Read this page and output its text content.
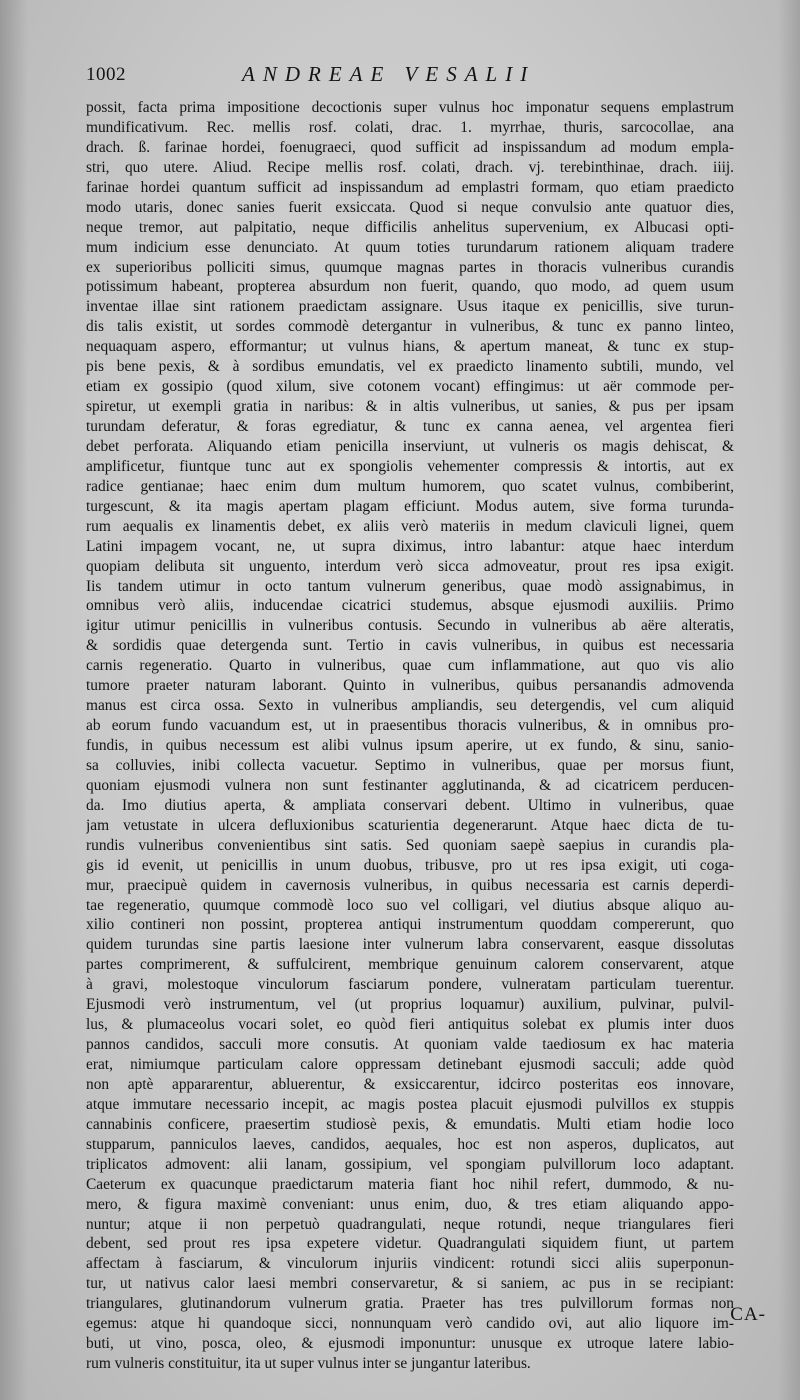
1002	ANDREAE VESALII
possit, facta prima impositione decoctionis super vulnus hoc imponatur sequens emplastrum
mundificativum. Rec. mellis rosf. colati, drac. 1. myrrhae, thuris, sarcocollae, ana
drach. ß. farinae hordei, foenugraeci, quod sufficit ad inspissandum ad modum empla-
stri, quo utere. Aliud. Recipe mellis rosf. colati, drach. vj. terebinthinae, drach. iiij.
farinae hordei quantum sufficit ad inspissandum ad emplastri formam, quo etiam praedicto
modo utaris, donec sanies fuerit exsiccata. Quod si neque convulsio ante quatuor dies,
neque tremor, aut palpitatio, neque difficilis anhelitus supervenium, ex Albucasi opti-
mum indicium esse denunciato. At quum toties turundarum rationem aliquam tradere
ex superioribus polliciti simus, quumque magnas partes in thoracis vulneribus curandis
potissimum habeant, propterea absurdum non fuerit, quando, quo modo, ad quem usum
inventae illae sint rationem praedictam assignare. Usus itaque ex penicillis, sive turun-
dis talis existit, ut sordes commodè detergantur in vulneribus, & tunc ex panno linteo,
nequaquam aspero, efformantur; ut vulnus hians, & apertum maneat, & tunc ex stup-
pis bene pexis, & à sordibus emundatis, vel ex praedicto linamento subtili, mundo, vel
etiam ex gossipio (quod xilum, sive cotonem vocant) effingimus: ut aër commode per-
spiretur, ut exempli gratia in naribus: & in altis vulneribus, ut sanies, & pus per ipsam
turundam deferatur, & foras egrediatur, & tunc ex canna aenea, vel argentea fieri
debet perforata. Aliquando etiam penicilla inserviunt, ut vulneris os magis dehiscat, &
amplificetur, fiuntque tunc aut ex spongiolis vehementer compressis & intortis, aut ex
radice gentianae; haec enim dum multum humorem, quo scatet vulnus, combiberint,
turgescunt, & ita magis apertam plagam efficiunt. Modus autem, sive forma turunda-
rum aequalis ex linamentis debet, ex aliis verò materiis in medum claviculi lignei, quem
Latini impagem vocant, ne, ut supra diximus, intro labantur: atque haec interdum
quopiam delibuta sit unguento, interdum verò sicca admoveatur, prout res ipsa exigit.
Iis tandem utimur in octo tantum vulnerum generibus, quae modò assignabimus, in
omnibus verò aliis, inducendae cicatrici studemus, absque ejusmodi auxiliis. Primo
igitur utimur penicillis in vulneribus contusis. Secundo in vulneribus ab aëre alteratis,
& sordidis quae detergenda sunt. Tertio in cavis vulneribus, in quibus est necessaria
carnis regeneratio. Quarto in vulneribus, quae cum inflammatione, aut quo vis alio
tumore praeter naturam laborant. Quinto in vulneribus, quibus persanandis admovenda
manus est circa ossa. Sexto in vulneribus ampliandis, seu detergendis, vel cum aliquid
ab eorum fundo vacuandum est, ut in praesentibus thoracis vulneribus, & in omnibus pro-
fundis, in quibus necessum est alibi vulnus ipsum aperire, ut ex fundo, & sinu, sanio-
sa colluvies, inibi collecta vacuetur. Septimo in vulneribus, quae per morsus fiunt,
quoniam ejusmodi vulnera non sunt festinanter agglutinanda, & ad cicatricem perducen-
da. Imo diutius aperta, & ampliata conservari debent. Ultimo in vulneribus, quae
jam vetustate in ulcera defluxionibus scaturientia degenerarunt. Atque haec dicta de tu-
rundis vulneribus convenientibus sint satis. Sed quoniam saepè saepius in curandis pla-
gis id evenit, ut penicillis in unum duobus, tribusve, pro ut res ipsa exigit, uti coga-
mur, praecipuè quidem in cavernosis vulneribus, in quibus necessaria est carnis deperdi-
tae regeneratio, quumque commodè loco suo vel colligari, vel diutius absque aliquo au-
xilio contineri non possint, propterea antiqui instrumentum quoddam compererunt, quo
quidem turundas sine partis laesione inter vulnerum labra conservarent, easque dissolutas
partes comprimerent, & suffulcirent, membrique genuinum calorem conservarent, atque
à gravi, molestoque vinculorum fasciarum pondere, vulneratam particulam tuerentur.
Ejusmodi verò instrumentum, vel (ut proprius loquamur) auxilium, pulvinar, pulvil-
lus, & plumaceolus vocari solet, eo quòd fieri antiquitus solebat ex plumis inter duos
pannos candidos, sacculi more consutis. At quoniam valde taediosum ex hac materia
erat, nimiumque particulam calore oppressam detinebant ejusmodi sacculi; adde quòd
non aptè appararentur, abluerentur, & exsiccarentur, idcirco posteritas eos innovare,
atque immutare necessario incepit, ac magis postea placuit ejusmodi pulvillos ex stuppis
cannabinis conficere, praesertim studiosè pexis, & emundatis. Multi etiam hodie loco
stupparum, panniculos laeves, candidos, aequales, hoc est non asperos, duplicatos, aut
triplicatos admovent: alii lanam, gossipium, vel spongiam pulvillorum loco adaptant.
Caeterum ex quacunque praedictarum materia fiant hoc nihil refert, dummodo, & nu-
mero, & figura maximè conveniant: unus enim, duo, & tres etiam aliquando appo-
nuntur; atque ii non perpetuò quadrangulati, neque rotundi, neque triangulares fieri
debent, sed prout res ipsa expetere videtur. Quadrangulati siquidem fiunt, ut partem
affectam à fasciarum, & vinculorum injuriis vindicent: rotundi sicci aliis superponun-
tur, ut nativus calor laesi membri conservaretur, & si saniem, ac pus in se recipiant:
triangulares, glutinandorum vulnerum gratia. Praeter has tres pulvillorum formas non
egemus: atque hi quandoque sicci, nonnunquam verò candido ovi, aut alio liquore im-
buti, ut vino, posca, oleo, & ejusmodi imponuntur: unusque ex utroque latere labio-
rum vulneris constituitur, ita ut super vulnus inter se jungantur lateribus.
CA-
